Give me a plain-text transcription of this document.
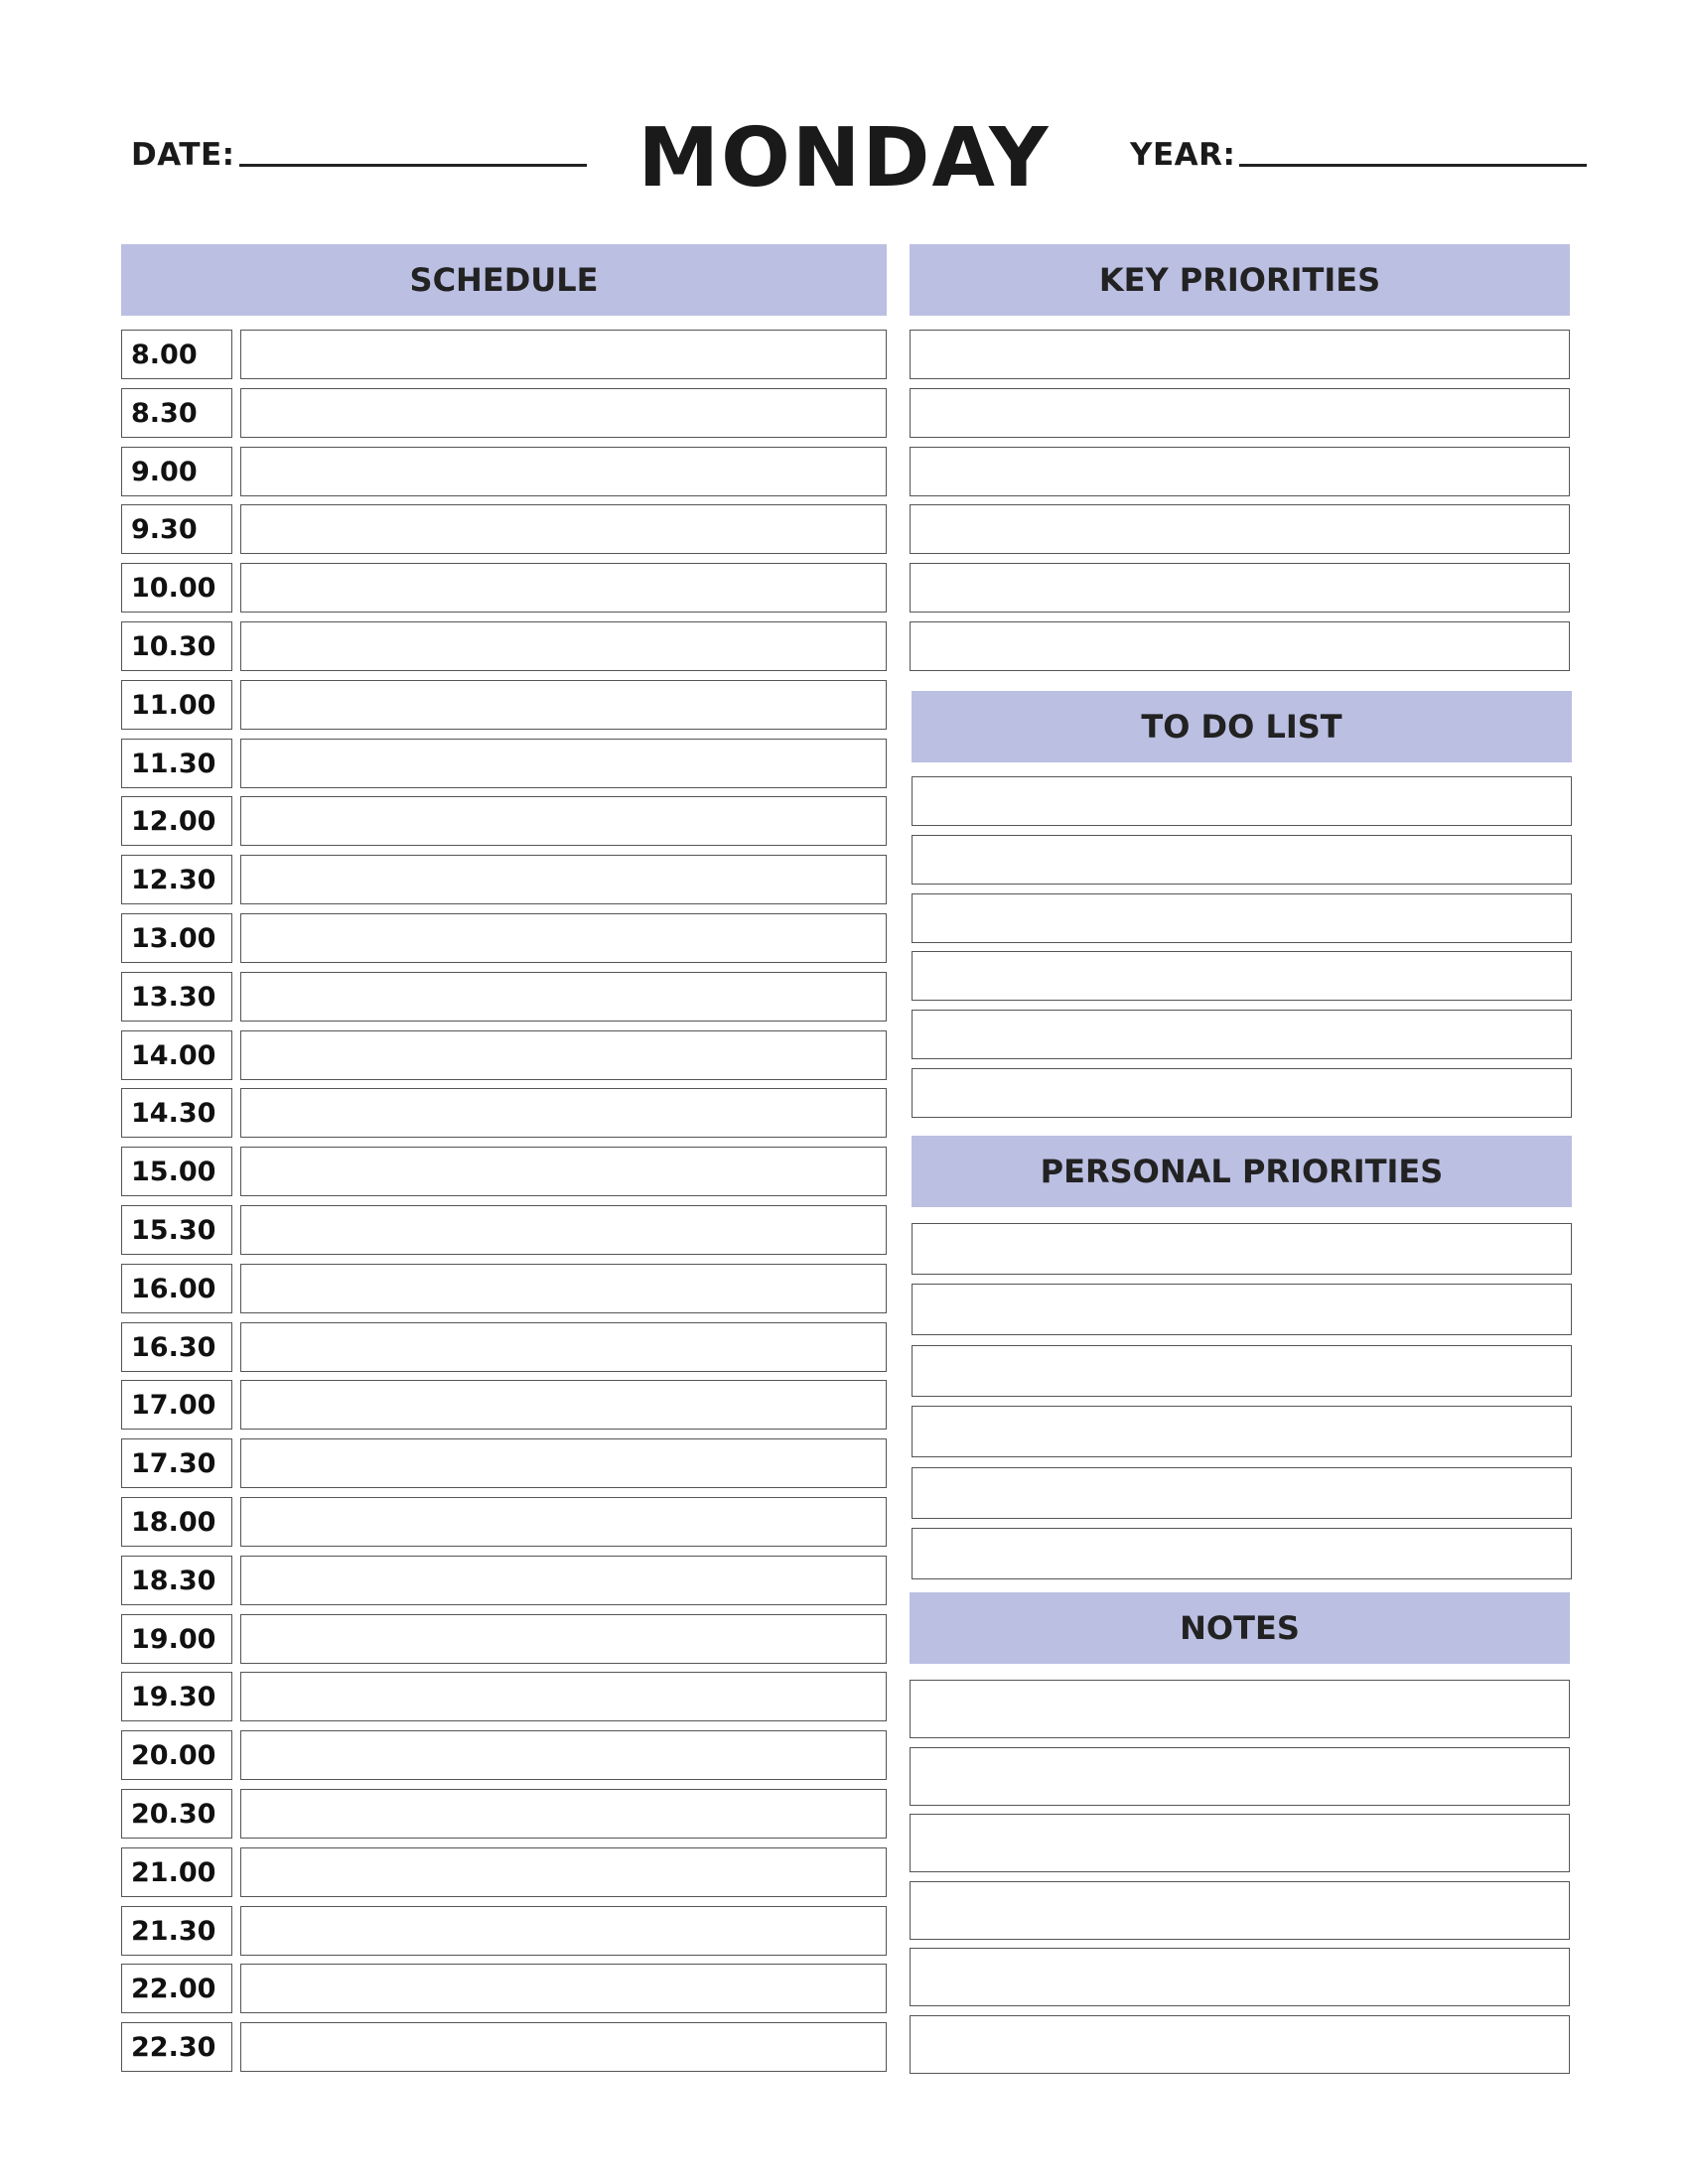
DATE:	MONDAY	YEAR:
SCHEDULE	KEY PRIORITIES
TO DO LIST
PERSONAL PRIORITIES
NOTES
8.00
8.30
9.00
9.30
10.00
10.30
11.00
11.30
12.00
12.30
13.00
13.30
14.00
14.30
15.00
15.30
16.00
16.30
17.00
17.30
18.00
18.30
19.00
19.30
20.00
20.30
21.00
21.30
22.00
22.30
